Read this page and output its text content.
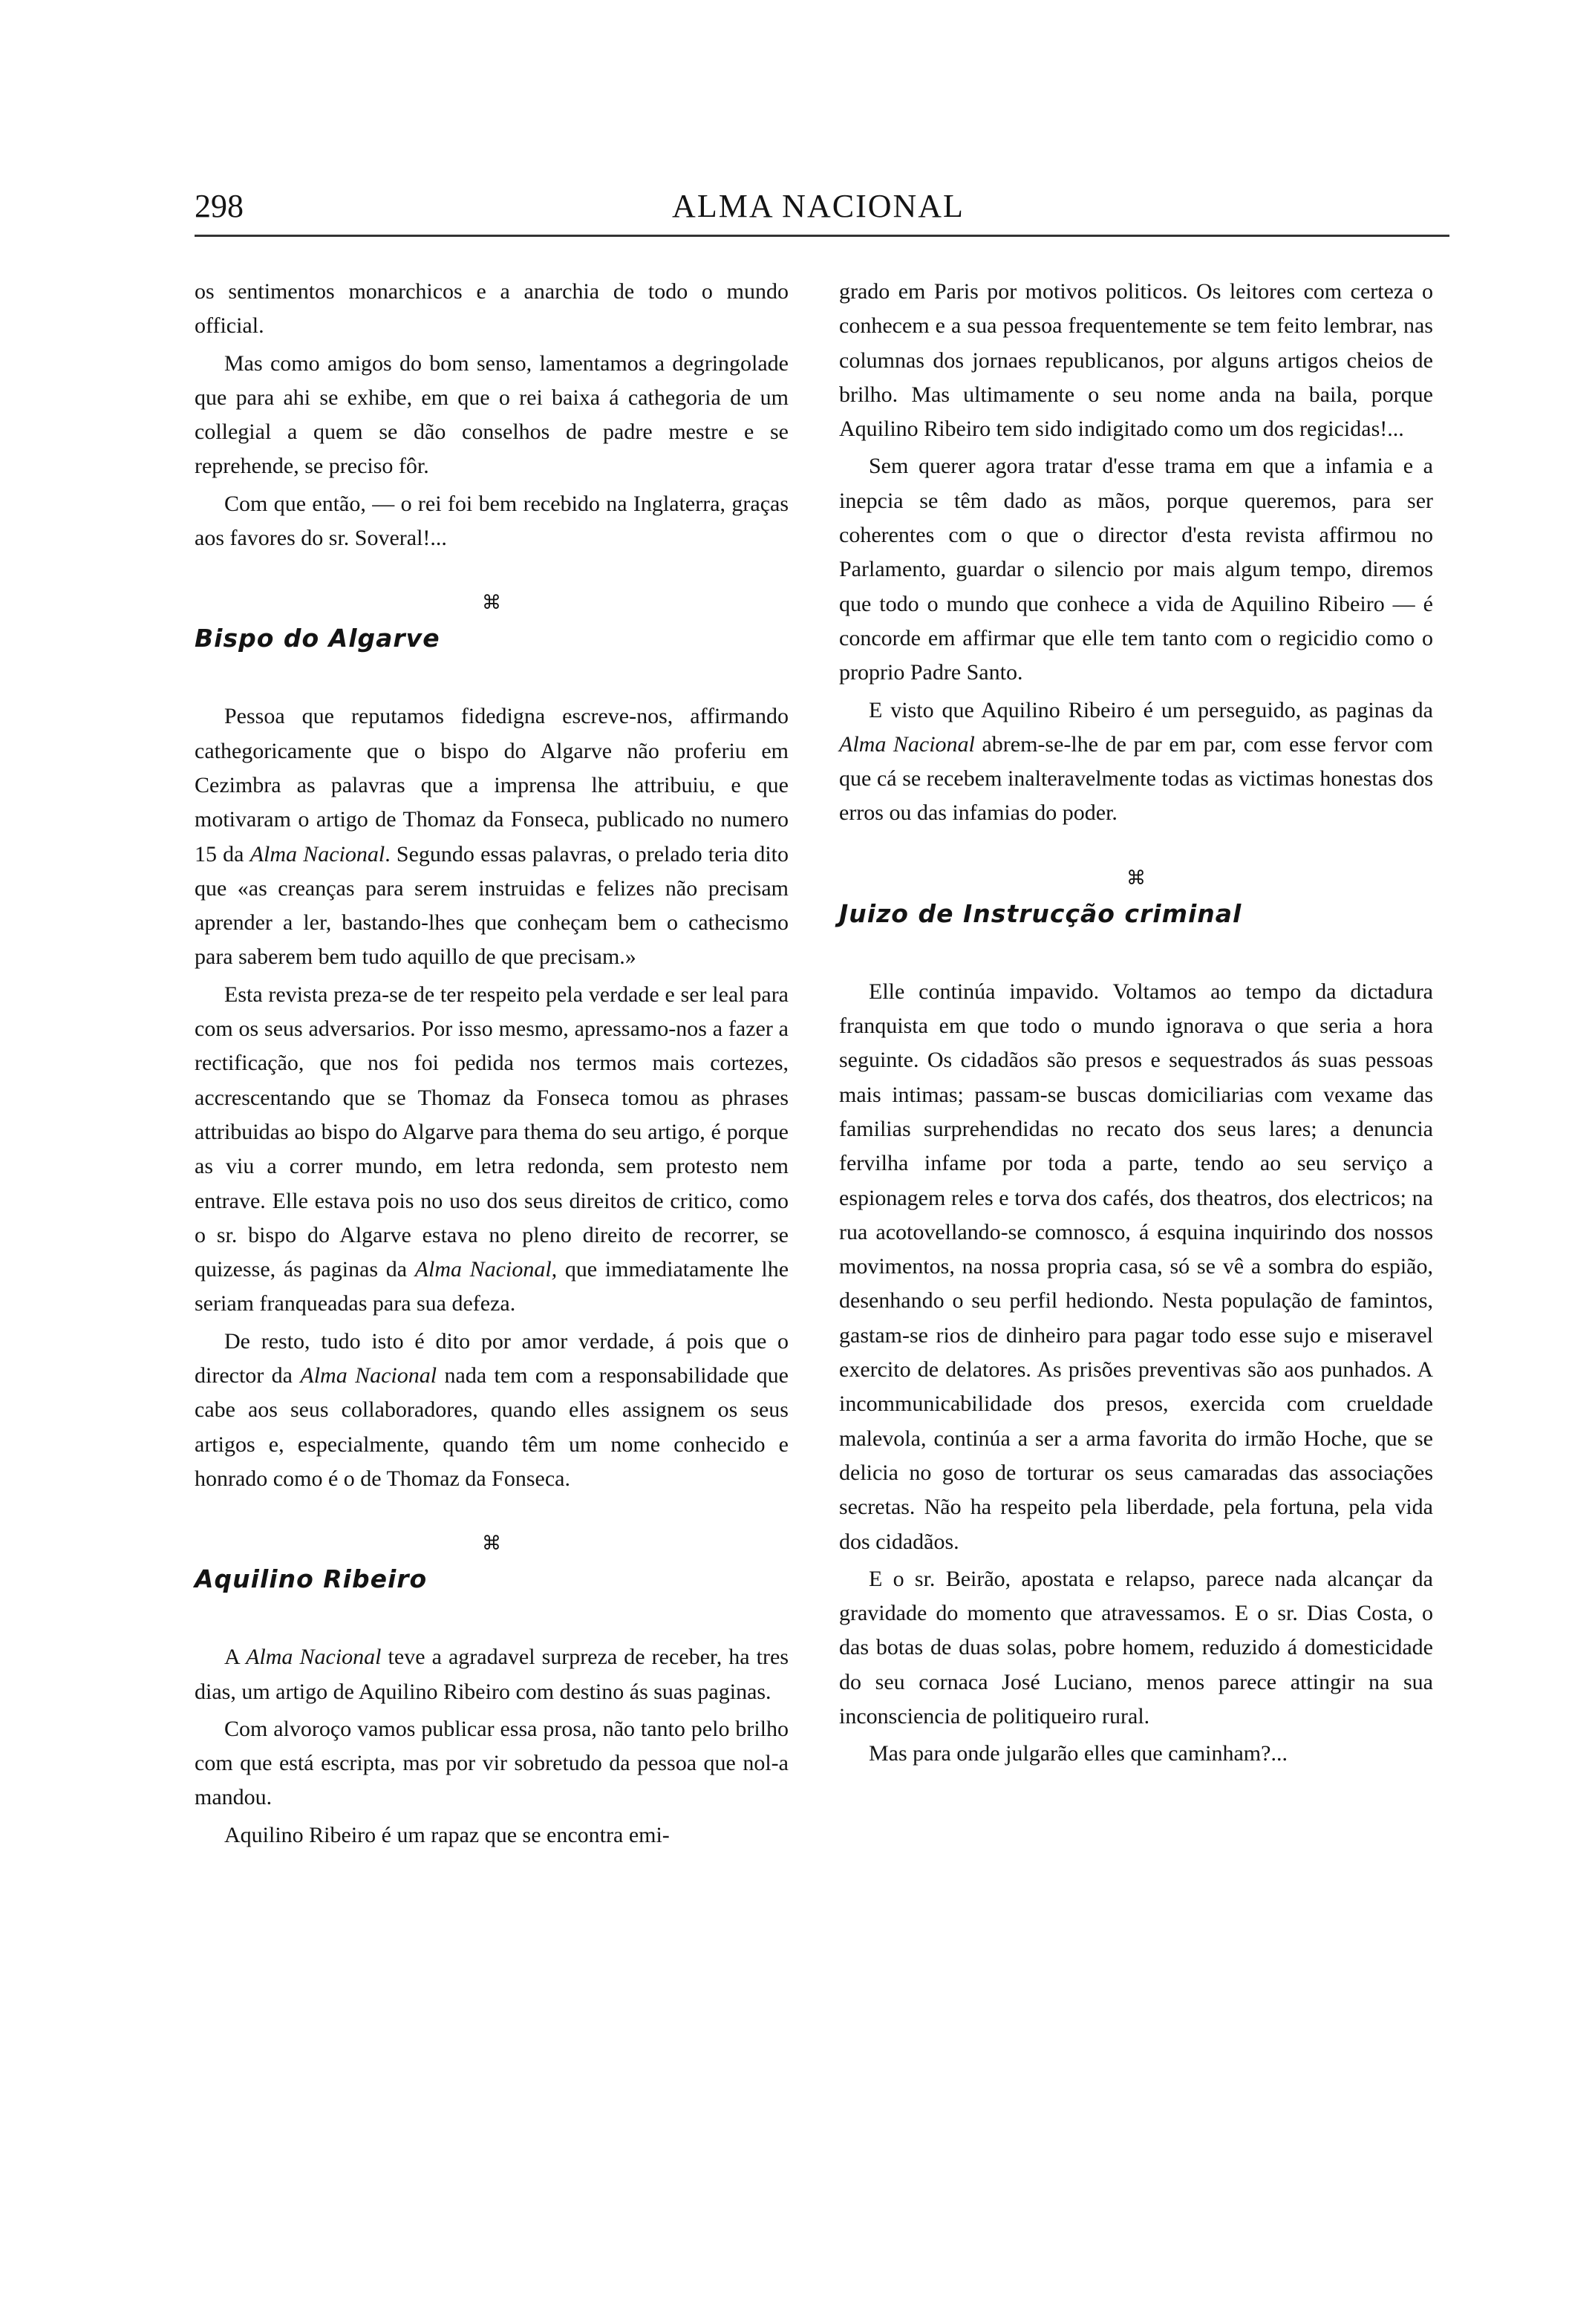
298	ALMA NACIONAL

os sentimentos monarchicos e a anarchia de todo o mundo official.

Mas como amigos do bom senso, lamentamos a degringolade que para ahi se exhibe, em que o rei baixa á cathegoria de um collegial a quem se dão conselhos de padre mestre e se reprehende, se preciso fôr.

Com que então, — o rei foi bem recebido na Inglaterra, graças aos favores do sr. Soveral!...

⌘
Bispo do Algarve

Pessoa que reputamos fidedigna escreve-nos, affirmando cathegoricamente que o bispo do Algarve não proferiu em Cezimbra as palavras que a imprensa lhe attribuiu, e que motivaram o artigo de Thomaz da Fonseca, publicado no numero 15 da Alma Nacional. Segundo essas palavras, o prelado teria dito que «as creanças para serem instruidas e felizes não precisam aprender a ler, bastando-lhes que conheçam bem o cathecismo para saberem bem tudo aquillo de que precisam.»

Esta revista preza-se de ter respeito pela verdade e ser leal para com os seus adversarios. Por isso mesmo, apressamo-nos a fazer a rectificação, que nos foi pedida nos termos mais cortezes, accrescentando que se Thomaz da Fonseca tomou as phrases attribuidas ao bispo do Algarve para thema do seu artigo, é porque as viu a correr mundo, em letra redonda, sem protesto nem entrave. Elle estava pois no uso dos seus direitos de critico, como o sr. bispo do Algarve estava no pleno direito de recorrer, se quizesse, ás paginas da Alma Nacional, que immediatamente lhe seriam franqueadas para sua defeza.

De resto, tudo isto é dito por amor verdade, á pois que o director da Alma Nacional nada tem com a responsabilidade que cabe aos seus collaboradores, quando elles assignem os seus artigos e, especialmente, quando têm um nome conhecido e honrado como é o de Thomaz da Fonseca.

⌘
Aquilino Ribeiro

A Alma Nacional teve a agradavel surpreza de receber, ha tres dias, um artigo de Aquilino Ribeiro com destino ás suas paginas.

Com alvoroço vamos publicar essa prosa, não tanto pelo brilho com que está escripta, mas por vir sobretudo da pessoa que nol-a mandou.

Aquilino Ribeiro é um rapaz que se encontra emi-

grado em Paris por motivos politicos. Os leitores com certeza o conhecem e a sua pessoa frequentemente se tem feito lembrar, nas columnas dos jornaes republicanos, por alguns artigos cheios de brilho. Mas ultimamente o seu nome anda na baila, porque Aquilino Ribeiro tem sido indigitado como um dos regicidas!...

Sem querer agora tratar d'esse trama em que a infamia e a inepcia se têm dado as mãos, porque queremos, para ser coherentes com o que o director d'esta revista affirmou no Parlamento, guardar o silencio por mais algum tempo, diremos que todo o mundo que conhece a vida de Aquilino Ribeiro — é concorde em affirmar que elle tem tanto com o regicidio como o proprio Padre Santo.

E visto que Aquilino Ribeiro é um perseguido, as paginas da Alma Nacional abrem-se-lhe de par em par, com esse fervor com que cá se recebem inalteravelmente todas as victimas honestas dos erros ou das infamias do poder.

⌘
Juizo de Instrucção criminal

Elle continúa impavido. Voltamos ao tempo da dictadura franquista em que todo o mundo ignorava o que seria a hora seguinte. Os cidadãos são presos e sequestrados ás suas pessoas mais intimas; passam-se buscas domiciliarias com vexame das familias surprehendidas no recato dos seus lares; a denuncia fervilha infame por toda a parte, tendo ao seu serviço a espionagem reles e torva dos cafés, dos theatros, dos electricos; na rua acotovellando-se comnosco, á esquina inquirindo dos nossos movimentos, na nossa propria casa, só se vê a sombra do espião, desenhando o seu perfil hediondo. Nesta população de famintos, gastam-se rios de dinheiro para pagar todo esse sujo e miseravel exercito de delatores. As prisões preventivas são aos punhados. A incommunicabilidade dos presos, exercida com crueldade malevola, continúa a ser a arma favorita do irmão Hoche, que se delicia no goso de torturar os seus camaradas das associações secretas. Não ha respeito pela liberdade, pela fortuna, pela vida dos cidadãos.

E o sr. Beirão, apostata e relapso, parece nada alcançar da gravidade do momento que atravessamos. E o sr. Dias Costa, o das botas de duas solas, pobre homem, reduzido á domesticidade do seu cornaca José Luciano, menos parece attingir na sua inconsciencia de politiqueiro rural.

Mas para onde julgarão elles que caminham?...
